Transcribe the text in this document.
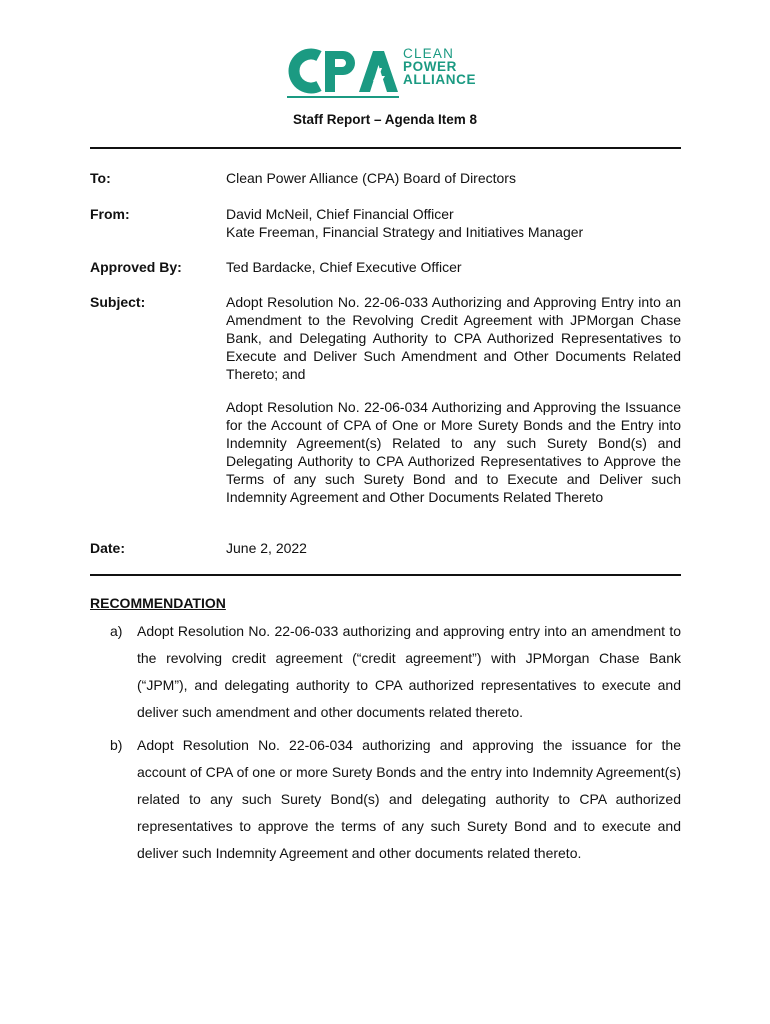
CLEAN
POWER
ALLIANCE
Staff Report – Agenda Item 8
To:	Clean Power Alliance (CPA) Board of Directors
From:	David McNeil, Chief Financial Officer
Kate Freeman, Financial Strategy and Initiatives Manager
Approved By:	Ted Bardacke, Chief Executive Officer
Subject:	Adopt Resolution No. 22-06-033 Authorizing and Approving Entry into an Amendment to the Revolving Credit Agreement with JPMorgan Chase Bank, and Delegating Authority to CPA Authorized Representatives to Execute and Deliver Such Amendment and Other Documents Related Thereto; and
Adopt Resolution No. 22-06-034 Authorizing and Approving the Issuance for the Account of CPA of One or More Surety Bonds and the Entry into Indemnity Agreement(s) Related to any such Surety Bond(s) and Delegating Authority to CPA Authorized Representatives to Approve the Terms of any such Surety Bond and to Execute and Deliver such Indemnity Agreement and Other Documents Related Thereto
Date:	June 2, 2022
RECOMMENDATION
a) Adopt Resolution No. 22-06-033 authorizing and approving entry into an amendment to the revolving credit agreement (“credit agreement”) with JPMorgan Chase Bank (“JPM”), and delegating authority to CPA authorized representatives to execute and deliver such amendment and other documents related thereto.
b) Adopt Resolution No. 22-06-034 authorizing and approving the issuance for the account of CPA of one or more Surety Bonds and the entry into Indemnity Agreement(s) related to any such Surety Bond(s) and delegating authority to CPA authorized representatives to approve the terms of any such Surety Bond and to execute and deliver such Indemnity Agreement and other documents related thereto.
